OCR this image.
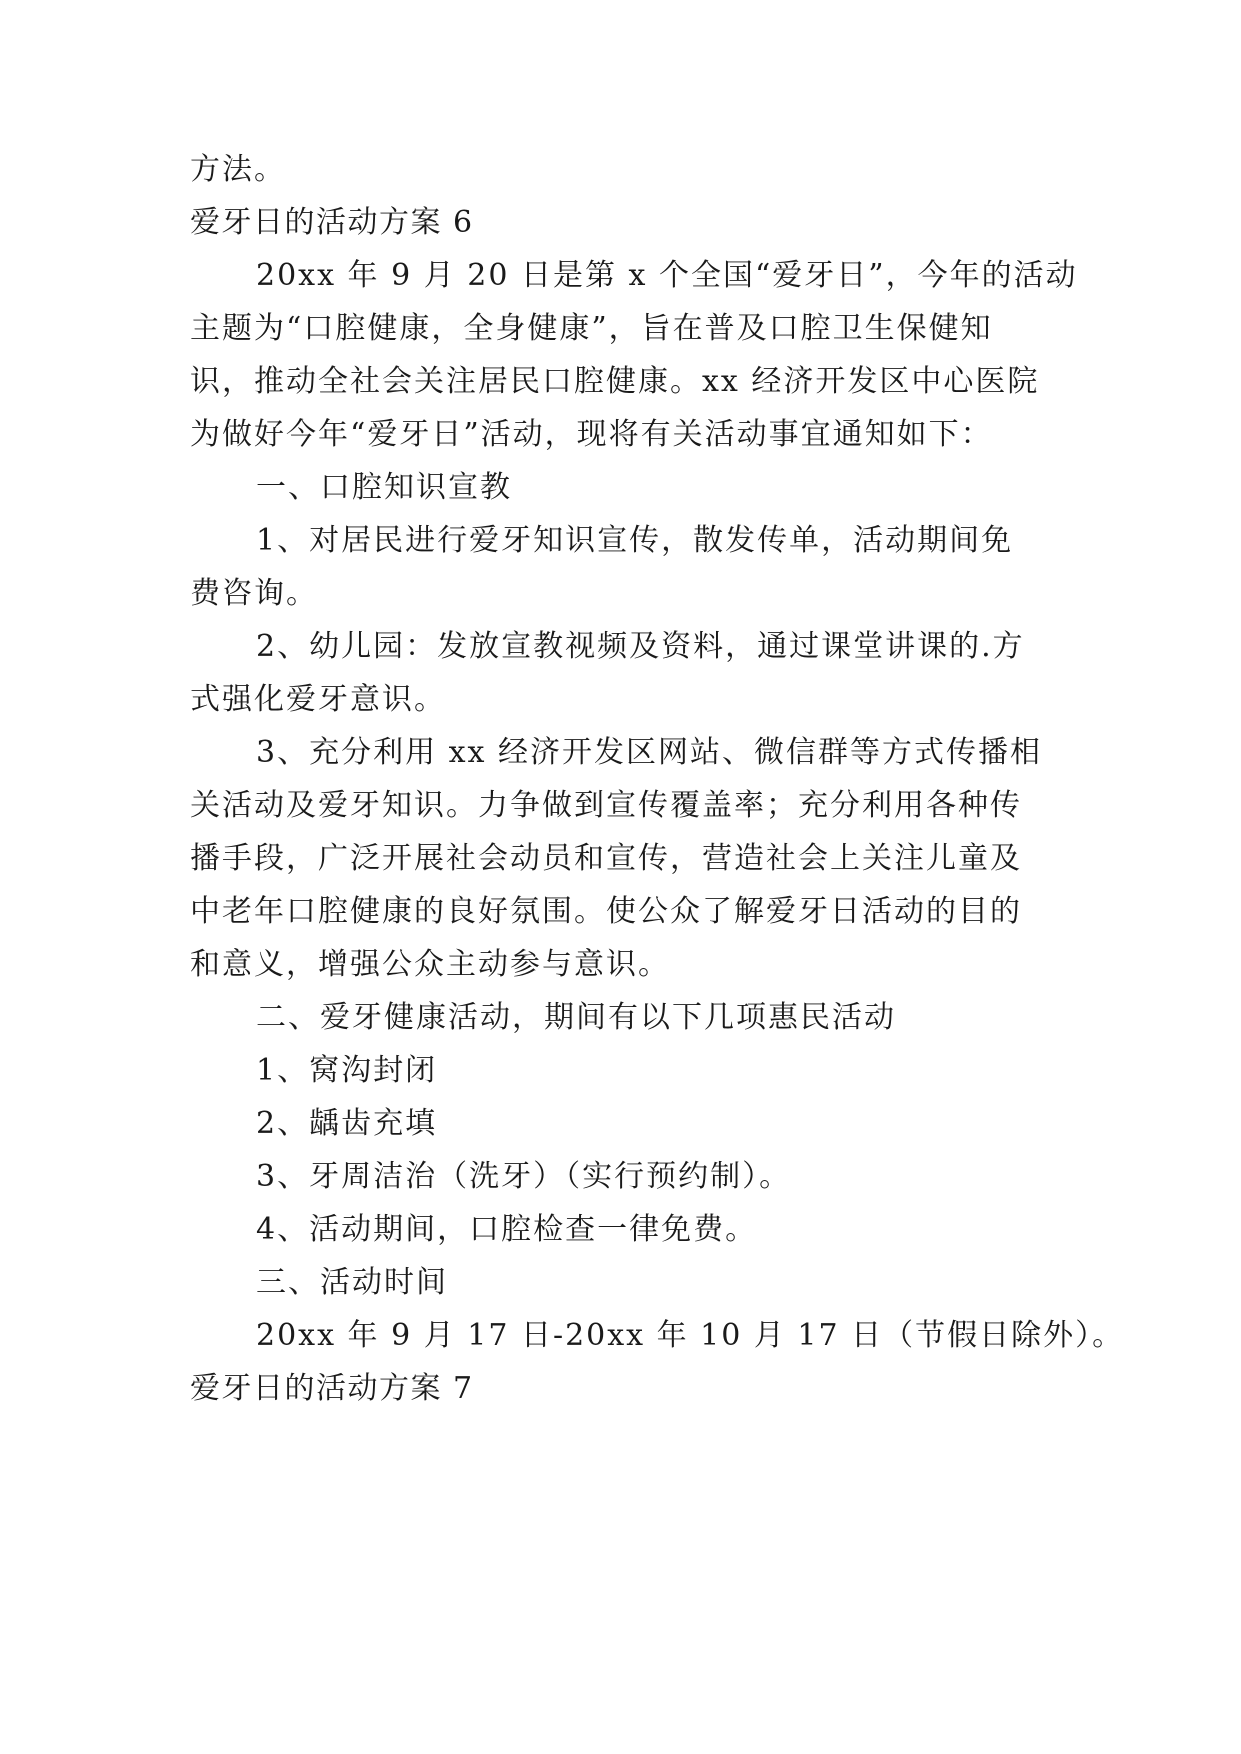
方法。
爱牙日的活动方案 6
20xx 年 9 月 20 日是第 x 个全国“爱牙日”，今年的活动
主题为“口腔健康，全身健康”，旨在普及口腔卫生保健知
识，推动全社会关注居民口腔健康。xx 经济开发区中心医院
为做好今年“爱牙日”活动，现将有关活动事宜通知如下：
一、口腔知识宣教
1、对居民进行爱牙知识宣传，散发传单，活动期间免
费咨询。
2、幼儿园：发放宣教视频及资料，通过课堂讲课的.方
式强化爱牙意识。
3、充分利用 xx 经济开发区网站、微信群等方式传播相
关活动及爱牙知识。力争做到宣传覆盖率；充分利用各种传
播手段，广泛开展社会动员和宣传，营造社会上关注儿童及
中老年口腔健康的良好氛围。使公众了解爱牙日活动的目的
和意义，增强公众主动参与意识。
二、爱牙健康活动，期间有以下几项惠民活动
1、窝沟封闭
2、龋齿充填
3、牙周洁治（洗牙）（实行预约制）。
4、活动期间，口腔检查一律免费。
三、活动时间
20xx 年 9 月 17 日-20xx 年 10 月 17 日（节假日除外）。
爱牙日的活动方案 7
